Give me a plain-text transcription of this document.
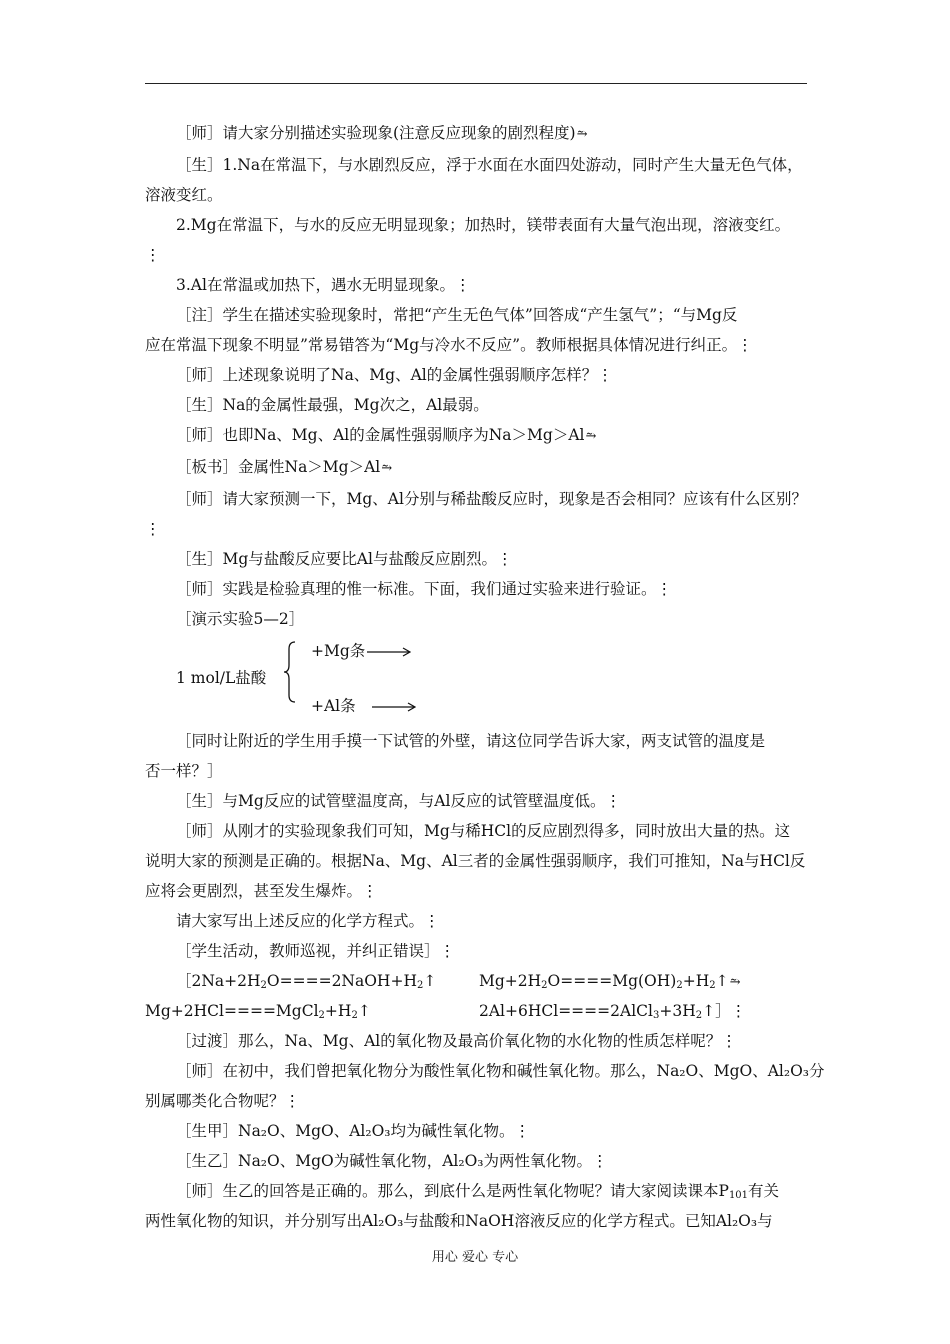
［师］请大家分别描述实验现象(注意反应现象的剧烈程度)⥲

［生］1.Na在常温下，与水剧烈反应，浮于水面在水面四处游动，同时产生大量无色气体，

溶液变红。

2.Mg在常温下，与水的反应无明显现象；加热时，镁带表面有大量气泡出现，溶液变红。

⋮

3.Al在常温或加热下，遇水无明显现象。⋮

［注］学生在描述实验现象时，常把“产生无色气体”回答成“产生氢气”；“与Mg反

应在常温下现象不明显”常易错答为“Mg与冷水不反应”。教师根据具体情况进行纠正。⋮

［师］上述现象说明了Na、Mg、Al的金属性强弱顺序怎样？⋮

［生］Na的金属性最强，Mg次之，Al最弱。

［师］也即Na、Mg、Al的金属性强弱顺序为Na＞Mg＞Al⥲

［板书］金属性Na＞Mg＞Al⥲

［师］请大家预测一下，Mg、Al分别与稀盐酸反应时，现象是否会相同？应该有什么区别？

⋮

［生］Mg与盐酸反应要比Al与盐酸反应剧烈。⋮

［师］实践是检验真理的惟一标准。下面，我们通过实验来进行验证。⋮

［演示实验5—2］

1 mol/L盐酸
+Mg条
+Al条

［同时让附近的学生用手摸一下试管的外壁，请这位同学告诉大家，两支试管的温度是

否一样？］

［生］与Mg反应的试管壁温度高，与Al反应的试管壁温度低。⋮

［师］从刚才的实验现象我们可知，Mg与稀HCl的反应剧烈得多，同时放出大量的热。这

说明大家的预测是正确的。根据Na、Mg、Al三者的金属性强弱顺序，我们可推知，Na与HCl反

应将会更剧烈，甚至发生爆炸。⋮

请大家写出上述反应的化学方程式。⋮

［学生活动，教师巡视，并纠正错误］⋮

$[2Na+2H_2O====2NaOH+H_2↑$	$Mg+2H_2O====Mg(OH)_2+H_2↑⥲$
$Mg+2HCl====MgCl_2+H_2↑$	$2Al+6HCl====2AlCl_3+3H_2↑]⋮$

［过渡］那么，Na、Mg、Al的氧化物及最高价氧化物的水化物的性质怎样呢？⋮

［师］在初中，我们曾把氧化物分为酸性氧化物和碱性氧化物。那么，Na₂O、MgO、Al₂O₃分

别属哪类化合物呢？⋮

［生甲］Na₂O、MgO、Al₂O₃均为碱性氧化物。⋮

［生乙］Na₂O、MgO为碱性氧化物，Al₂O₃为两性氧化物。⋮

［师］生乙的回答是正确的。那么，到底什么是两性氧化物呢？请大家阅读课本$P_{101}$有关

两性氧化物的知识，并分别写出Al₂O₃与盐酸和NaOH溶液反应的化学方程式。已知Al₂O₃与

用心 爱心 专心
